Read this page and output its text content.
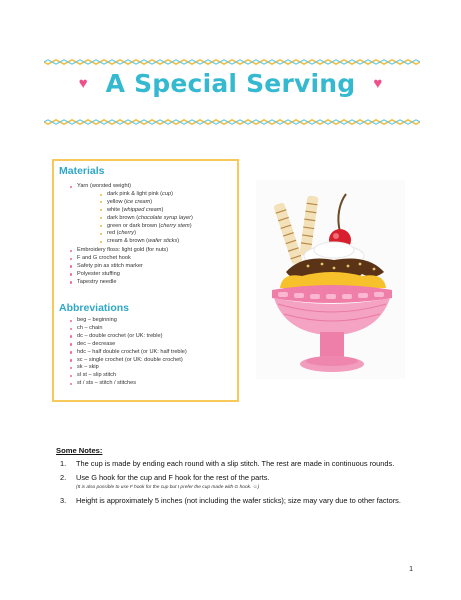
♥ A Special Serving ♥
Materials
Yarn (worsted weight)
dark pink & light pink (cup)
yellow (ice cream)
white (whipped cream)
dark brown (chocolate syrup layer)
green or dark brown (cherry stem)
red (cherry)
cream & brown (wafer sticks)
Embroidery floss: light gold (for nuts)
F and G crochet hook
Safety pin as stitch marker
Polyester stuffing
Tapestry needle
Abbreviations
beg – beginning
ch – chain
dc – double crochet (or UK: treble)
dec – decrease
hdc – half double crochet (or UK: half treble)
sc – single crochet (or UK: double crochet)
sk – skip
sl st – slip stitch
st / sts – stitch / stitches
Some Notes:
1. The cup is made by ending each round with a slip stitch. The rest are made in continuous rounds.
2. Use G hook for the cup and F hook for the rest of the parts.
(It is also possible to use F hook for the cup but I prefer the cup made with G hook. ☺)
3. Height is approximately 5 inches (not including the wafer sticks); size may vary due to other factors.
1
